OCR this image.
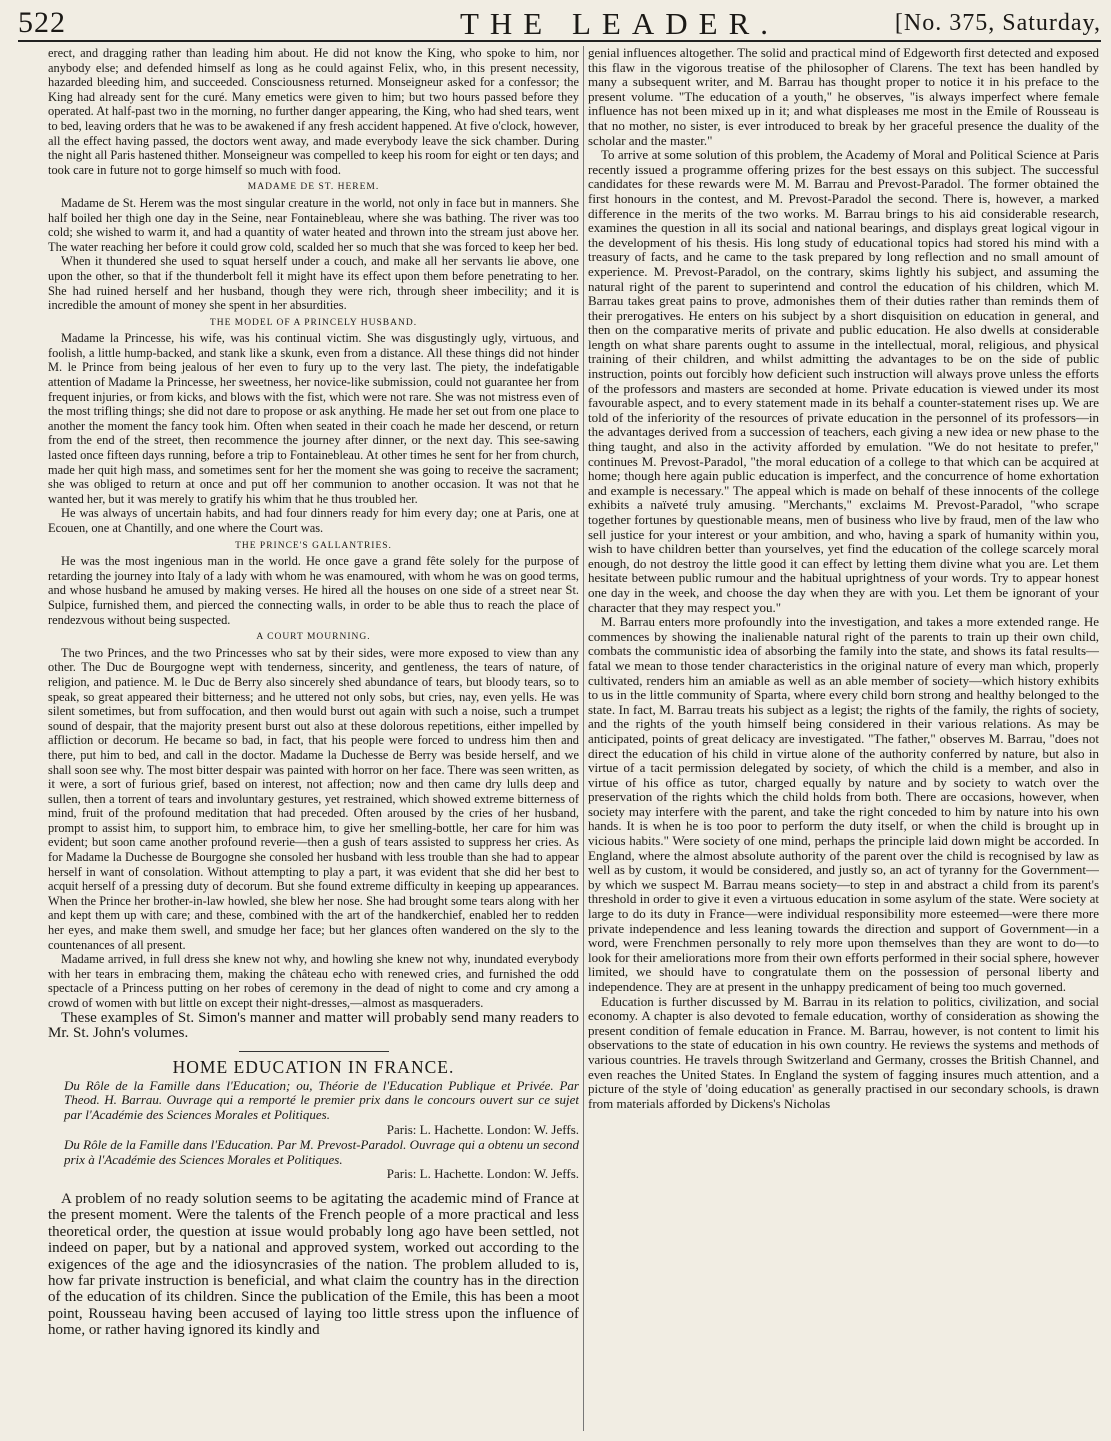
522	THE LEADER.	[No. 375, Saturday,

erect, and dragging rather than leading him about. He did not know the King, who spoke to him, nor anybody else; and defended himself as long as he could against Felix, who, in this present necessity, hazarded bleeding him, and succeeded. Consciousness returned. Monseigneur asked for a confessor; the King had already sent for the curé. Many emetics were given to him; but two hours passed before they operated. At half-past two in the morning, no further danger appearing, the King, who had shed tears, went to bed, leaving orders that he was to be awakened if any fresh accident happened. At five o'clock, however, all the effect having passed, the doctors went away, and made everybody leave the sick chamber. During the night all Paris hastened thither. Monseigneur was compelled to keep his room for eight or ten days; and took care in future not to gorge himself so much with food.

MADAME DE ST. HEREM.

Madame de St. Herem was the most singular creature in the world, not only in face but in manners. She half boiled her thigh one day in the Seine, near Fontainebleau, where she was bathing. The river was too cold; she wished to warm it, and had a quantity of water heated and thrown into the stream just above her. The water reaching her before it could grow cold, scalded her so much that she was forced to keep her bed.

When it thundered she used to squat herself under a couch, and make all her servants lie above, one upon the other, so that if the thunderbolt fell it might have its effect upon them before penetrating to her. She had ruined herself and her husband, though they were rich, through sheer imbecility; and it is incredible the amount of money she spent in her absurdities.

THE MODEL OF A PRINCELY HUSBAND.

Madame la Princesse, his wife, was his continual victim. She was disgustingly ugly, virtuous, and foolish, a little hump-backed, and stank like a skunk, even from a distance. All these things did not hinder M. le Prince from being jealous of her even to fury up to the very last. The piety, the indefatigable attention of Madame la Princesse, her sweetness, her novice-like submission, could not guarantee her from frequent injuries, or from kicks, and blows with the fist, which were not rare. She was not mistress even of the most trifling things; she did not dare to propose or ask anything. He made her set out from one place to another the moment the fancy took him. Often when seated in their coach he made her descend, or return from the end of the street, then recommence the journey after dinner, or the next day. This see-sawing lasted once fifteen days running, before a trip to Fontainebleau. At other times he sent for her from church, made her quit high mass, and sometimes sent for her the moment she was going to receive the sacrament; she was obliged to return at once and put off her communion to another occasion. It was not that he wanted her, but it was merely to gratify his whim that he thus troubled her.

He was always of uncertain habits, and had four dinners ready for him every day; one at Paris, one at Ecouen, one at Chantilly, and one where the Court was.

THE PRINCE'S GALLANTRIES.

He was the most ingenious man in the world. He once gave a grand fête solely for the purpose of retarding the journey into Italy of a lady with whom he was enamoured, with whom he was on good terms, and whose husband he amused by making verses. He hired all the houses on one side of a street near St. Sulpice, furnished them, and pierced the connecting walls, in order to be able thus to reach the place of rendezvous without being suspected.

A COURT MOURNING.

The two Princes, and the two Princesses who sat by their sides, were more exposed to view than any other. The Duc de Bourgogne wept with tenderness, sincerity, and gentleness, the tears of nature, of religion, and patience. M. le Duc de Berry also sincerely shed abundance of tears, but bloody tears, so to speak, so great appeared their bitterness; and he uttered not only sobs, but cries, nay, even yells. He was silent sometimes, but from suffocation, and then would burst out again with such a noise, such a trumpet sound of despair, that the majority present burst out also at these dolorous repetitions, either impelled by affliction or decorum. He became so bad, in fact, that his people were forced to undress him then and there, put him to bed, and call in the doctor. Madame la Duchesse de Berry was beside herself, and we shall soon see why. The most bitter despair was painted with horror on her face. There was seen written, as it were, a sort of furious grief, based on interest, not affection; now and then came dry lulls deep and sullen, then a torrent of tears and involuntary gestures, yet restrained, which showed extreme bitterness of mind, fruit of the profound meditation that had preceded. Often aroused by the cries of her husband, prompt to assist him, to support him, to embrace him, to give her smelling-bottle, her care for him was evident; but soon came another profound reverie—then a gush of tears assisted to suppress her cries. As for Madame la Duchesse de Bourgogne she consoled her husband with less trouble than she had to appear herself in want of consolation. Without attempting to play a part, it was evident that she did her best to acquit herself of a pressing duty of decorum. But she found extreme difficulty in keeping up appearances. When the Prince her brother-in-law howled, she blew her nose. She had brought some tears along with her and kept them up with care; and these, combined with the art of the handkerchief, enabled her to redden her eyes, and make them swell, and smudge her face; but her glances often wandered on the sly to the countenances of all present.

Madame arrived, in full dress she knew not why, and howling she knew not why, inundated everybody with her tears in embracing them, making the château echo with renewed cries, and furnished the odd spectacle of a Princess putting on her robes of ceremony in the dead of night to come and cry among a crowd of women with but little on except their night-dresses,—almost as masqueraders.

These examples of St. Simon's manner and matter will probably send many readers to Mr. St. John's volumes.

HOME EDUCATION IN FRANCE.

Du Rôle de la Famille dans l'Education; ou, Théorie de l'Education Publique et Privée. Par Theod. H. Barrau. Ouvrage qui a remporté le premier prix dans le concours ouvert sur ce sujet par l'Académie des Sciences Morales et Politiques.
Paris: L. Hachette. London: W. Jeffs.

Du Rôle de la Famille dans l'Education. Par M. Prevost-Paradol. Ouvrage qui a obtenu un second prix à l'Académie des Sciences Morales et Politiques.
Paris: L. Hachette. London: W. Jeffs.

A problem of no ready solution seems to be agitating the academic mind of France at the present moment. Were the talents of the French people of a more practical and less theoretical order, the question at issue would probably long ago have been settled, not indeed on paper, but by a national and approved system, worked out according to the exigences of the age and the idiosyncrasies of the nation. The problem alluded to is, how far private instruction is beneficial, and what claim the country has in the direction of the education of its children. Since the publication of the Emile, this has been a moot point, Rousseau having been accused of laying too little stress upon the influence of home, or rather having ignored its kindly and

genial influences altogether. The solid and practical mind of Edgeworth first detected and exposed this flaw in the vigorous treatise of the philosopher of Clarens. The text has been handled by many a subsequent writer, and M. Barrau has thought proper to notice it in his preface to the present volume. "The education of a youth," he observes, "is always imperfect where female influence has not been mixed up in it; and what displeases me most in the Emile of Rousseau is that no mother, no sister, is ever introduced to break by her graceful presence the duality of the scholar and the master."

To arrive at some solution of this problem, the Academy of Moral and Political Science at Paris recently issued a programme offering prizes for the best essays on this subject. The successful candidates for these rewards were M. M. Barrau and Prevost-Paradol. The former obtained the first honours in the contest, and M. Prevost-Paradol the second. There is, however, a marked difference in the merits of the two works. M. Barrau brings to his aid considerable research, examines the question in all its social and national bearings, and displays great logical vigour in the development of his thesis. His long study of educational topics had stored his mind with a treasury of facts, and he came to the task prepared by long reflection and no small amount of experience. M. Prevost-Paradol, on the contrary, skims lightly his subject, and assuming the natural right of the parent to superintend and control the education of his children, which M. Barrau takes great pains to prove, admonishes them of their duties rather than reminds them of their prerogatives. He enters on his subject by a short disquisition on education in general, and then on the comparative merits of private and public education. He also dwells at considerable length on what share parents ought to assume in the intellectual, moral, religious, and physical training of their children, and whilst admitting the advantages to be on the side of public instruction, points out forcibly how deficient such instruction will always prove unless the efforts of the professors and masters are seconded at home. Private education is viewed under its most favourable aspect, and to every statement made in its behalf a counter-statement rises up. We are told of the inferiority of the resources of private education in the personnel of its professors—in the advantages derived from a succession of teachers, each giving a new idea or new phase to the thing taught, and also in the activity afforded by emulation. "We do not hesitate to prefer," continues M. Prevost-Paradol, "the moral education of a college to that which can be acquired at home; though here again public education is imperfect, and the concurrence of home exhortation and example is necessary." The appeal which is made on behalf of these innocents of the college exhibits a naïveté truly amusing. "Merchants," exclaims M. Prevost-Paradol, "who scrape together fortunes by questionable means, men of business who live by fraud, men of the law who sell justice for your interest or your ambition, and who, having a spark of humanity within you, wish to have children better than yourselves, yet find the education of the college scarcely moral enough, do not destroy the little good it can effect by letting them divine what you are. Let them hesitate between public rumour and the habitual uprightness of your words. Try to appear honest one day in the week, and choose the day when they are with you. Let them be ignorant of your character that they may respect you."

M. Barrau enters more profoundly into the investigation, and takes a more extended range. He commences by showing the inalienable natural right of the parents to train up their own child, combats the communistic idea of absorbing the family into the state, and shows its fatal results—fatal we mean to those tender characteristics in the original nature of every man which, properly cultivated, renders him an amiable as well as an able member of society—which history exhibits to us in the little community of Sparta, where every child born strong and healthy belonged to the state. In fact, M. Barrau treats his subject as a legist; the rights of the family, the rights of society, and the rights of the youth himself being considered in their various relations. As may be anticipated, points of great delicacy are investigated. "The father," observes M. Barrau, "does not direct the education of his child in virtue alone of the authority conferred by nature, but also in virtue of a tacit permission delegated by society, of which the child is a member, and also in virtue of his office as tutor, charged equally by nature and by society to watch over the preservation of the rights which the child holds from both. There are occasions, however, when society may interfere with the parent, and take the right conceded to him by nature into his own hands. It is when he is too poor to perform the duty itself, or when the child is brought up in vicious habits." Were society of one mind, perhaps the principle laid down might be accorded. In England, where the almost absolute authority of the parent over the child is recognised by law as well as by custom, it would be considered, and justly so, an act of tyranny for the Government—by which we suspect M. Barrau means society—to step in and abstract a child from its parent's threshold in order to give it even a virtuous education in some asylum of the state. Were society at large to do its duty in France—were individual responsibility more esteemed—were there more private independence and less leaning towards the direction and support of Government—in a word, were Frenchmen personally to rely more upon themselves than they are wont to do—to look for their ameliorations more from their own efforts performed in their social sphere, however limited, we should have to congratulate them on the possession of personal liberty and independence. They are at present in the unhappy predicament of being too much governed.

Education is further discussed by M. Barrau in its relation to politics, civilization, and social economy. A chapter is also devoted to female education, worthy of consideration as showing the present condition of female education in France. M. Barrau, however, is not content to limit his observations to the state of education in his own country. He reviews the systems and methods of various countries. He travels through Switzerland and Germany, crosses the British Channel, and even reaches the United States. In England the system of fagging insures much attention, and a picture of the style of 'doing education' as generally practised in our secondary schools, is drawn from materials afforded by Dickens's Nicholas
